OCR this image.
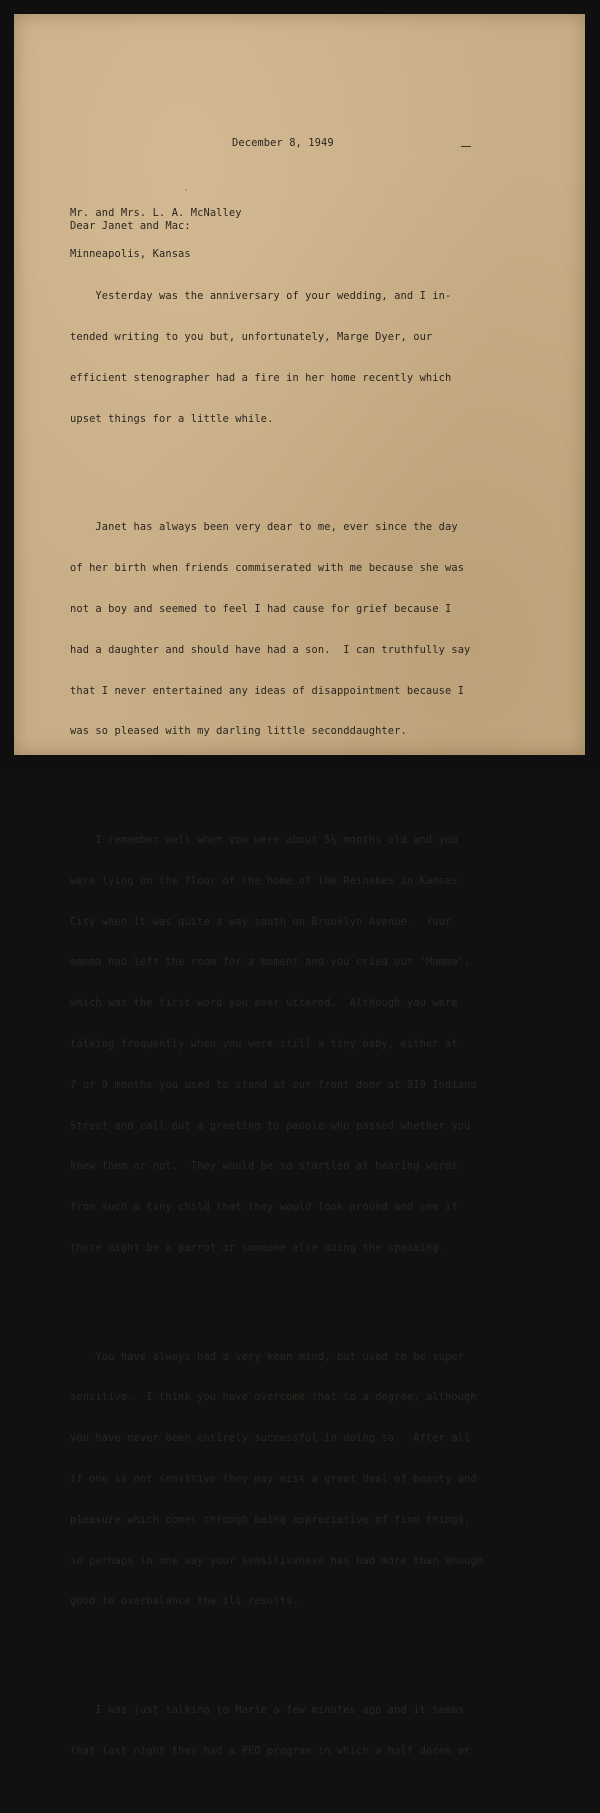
December 8, 1949

Mr. and Mrs. L. A. McNalley

Minneapolis, Kansas

′
Dear Janet and Mac:

Yesterday was the anniversary of your wedding, and I in-

tended writing to you but, unfortunately, Marge Dyer, our

efficient stenographer had a fire in her home recently which

upset things for a little while.

Janet has always been very dear to me, ever since the day

of her birth when friends commiserated with me because she was

not a boy and seemed to feel I had cause for grief because I

had a daughter and should have had a son.  I can truthfully say

that I never entertained any ideas of disappointment because I

was so pleased with my darling little seconddaughter.

I remember well when you were about 5½ months old and you

were lying on the floor of the home of the Reinekes in Kansas

City when it was quite a way south on Brooklyn Avenue.  Your

mamma had left the room for a moment and you cried out "Mamma",

which was the first word you ever uttered.  Although you were

talking frequently when you were still a tiny baby, either at

7 or 9 months you used to stand at our front door at 919 Indiana

Street and call out a greeting to people who passed whether you

knew them or not.  They would be so startled at hearing words

from such a tiny child that they would look around and see if

there might be a parrot or someone else doing the speaking.

You have always had a very keen mind, but used to be super

sensitive.  I think you have overcome that to a degree, although

you have never been entirely successful in doing so.  After all

if one is not sensitive they may miss a great deal of beauty and

pleasure which comes through being appreciative of find things,

so perhaps in one way your sensitiveness has had more than enough

good to overbalance the ill results.

I was just talking to Marie a few minutes ago and it seems

that last night they had a PEO program in which a half dozen or
